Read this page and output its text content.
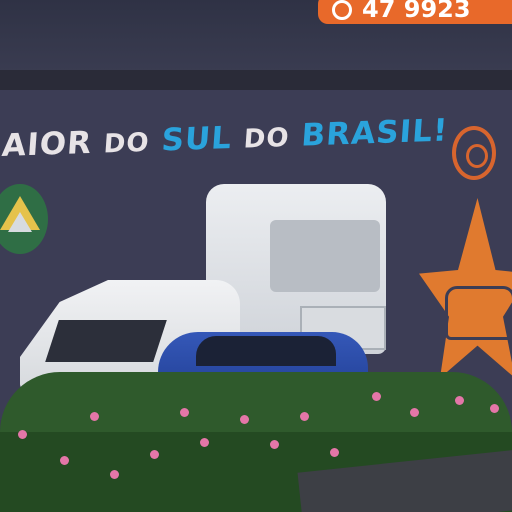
47 9923
AIOR DO SUL DO BRASIL!
